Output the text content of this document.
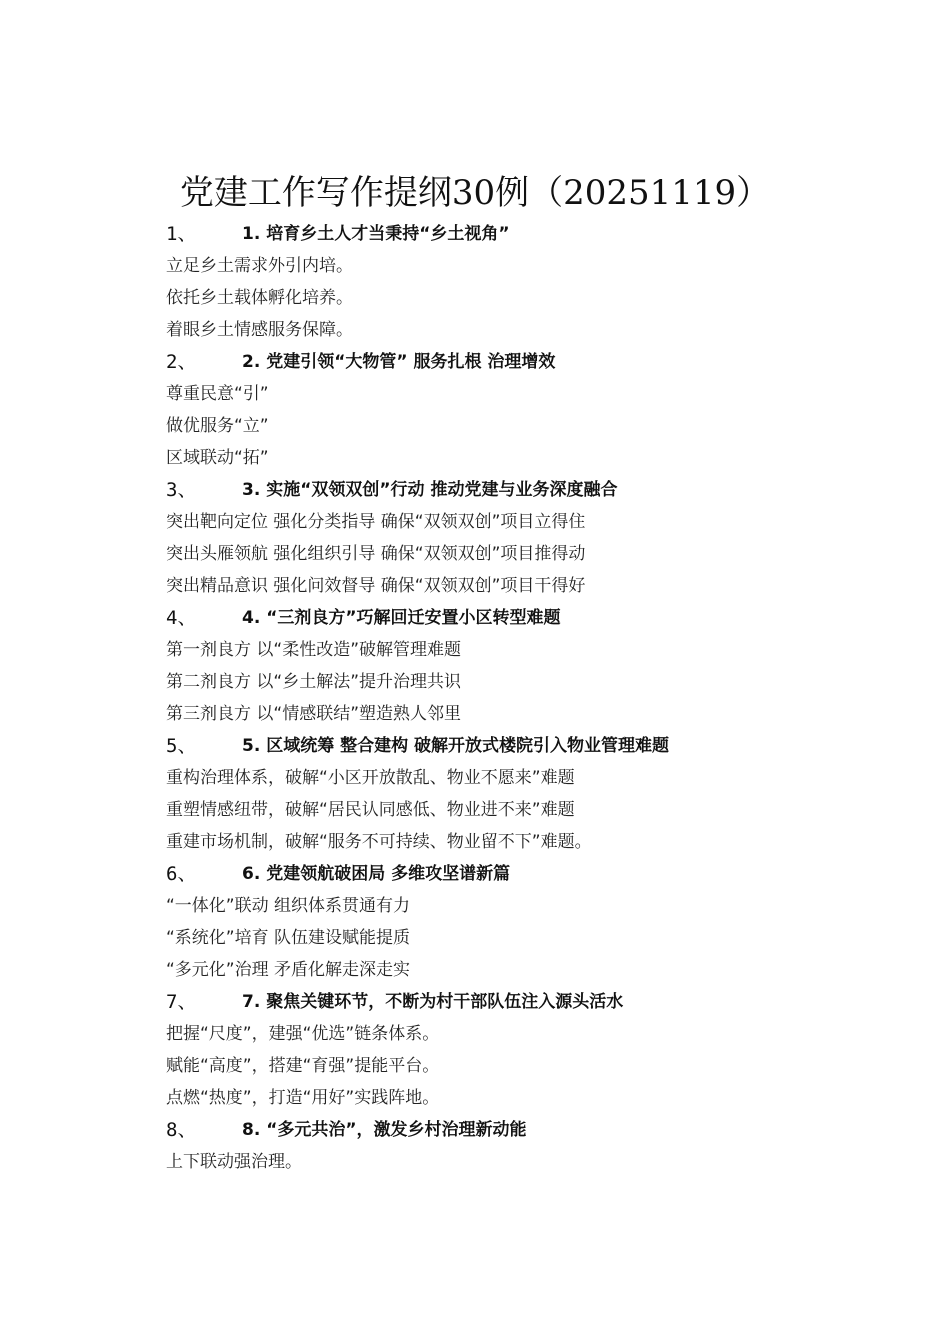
党建工作写作提纲30例（20251119）
1、	1. 培育乡土人才当秉持“乡土视角”
立足乡土需求外引内培。
依托乡土载体孵化培养。
着眼乡土情感服务保障。
2、	2. 党建引领“大物管” 服务扎根 治理增效
尊重民意“引”
做优服务“立”
区域联动“拓”
3、	3. 实施“双领双创”行动 推动党建与业务深度融合
突出靶向定位 强化分类指导 确保“双领双创”项目立得住
突出头雁领航 强化组织引导 确保“双领双创”项目推得动
突出精品意识 强化问效督导 确保“双领双创”项目干得好
4、	4. “三剂良方”巧解回迁安置小区转型难题
第一剂良方 以“柔性改造”破解管理难题
第二剂良方 以“乡土解法”提升治理共识
第三剂良方 以“情感联结”塑造熟人邻里
5、	5. 区域统筹 整合建构 破解开放式楼院引入物业管理难题
重构治理体系，破解“小区开放散乱、物业不愿来”难题
重塑情感纽带，破解“居民认同感低、物业进不来”难题
重建市场机制，破解“服务不可持续、物业留不下”难题。
6、	6. 党建领航破困局 多维攻坚谱新篇
“一体化”联动 组织体系贯通有力
“系统化”培育 队伍建设赋能提质
“多元化”治理 矛盾化解走深走实
7、	7. 聚焦关键环节，不断为村干部队伍注入源头活水
把握“尺度”，建强“优选”链条体系。
赋能“高度”，搭建“育强”提能平台。
点燃“热度”，打造“用好”实践阵地。
8、	8. “多元共治”，激发乡村治理新动能
上下联动强治理。
